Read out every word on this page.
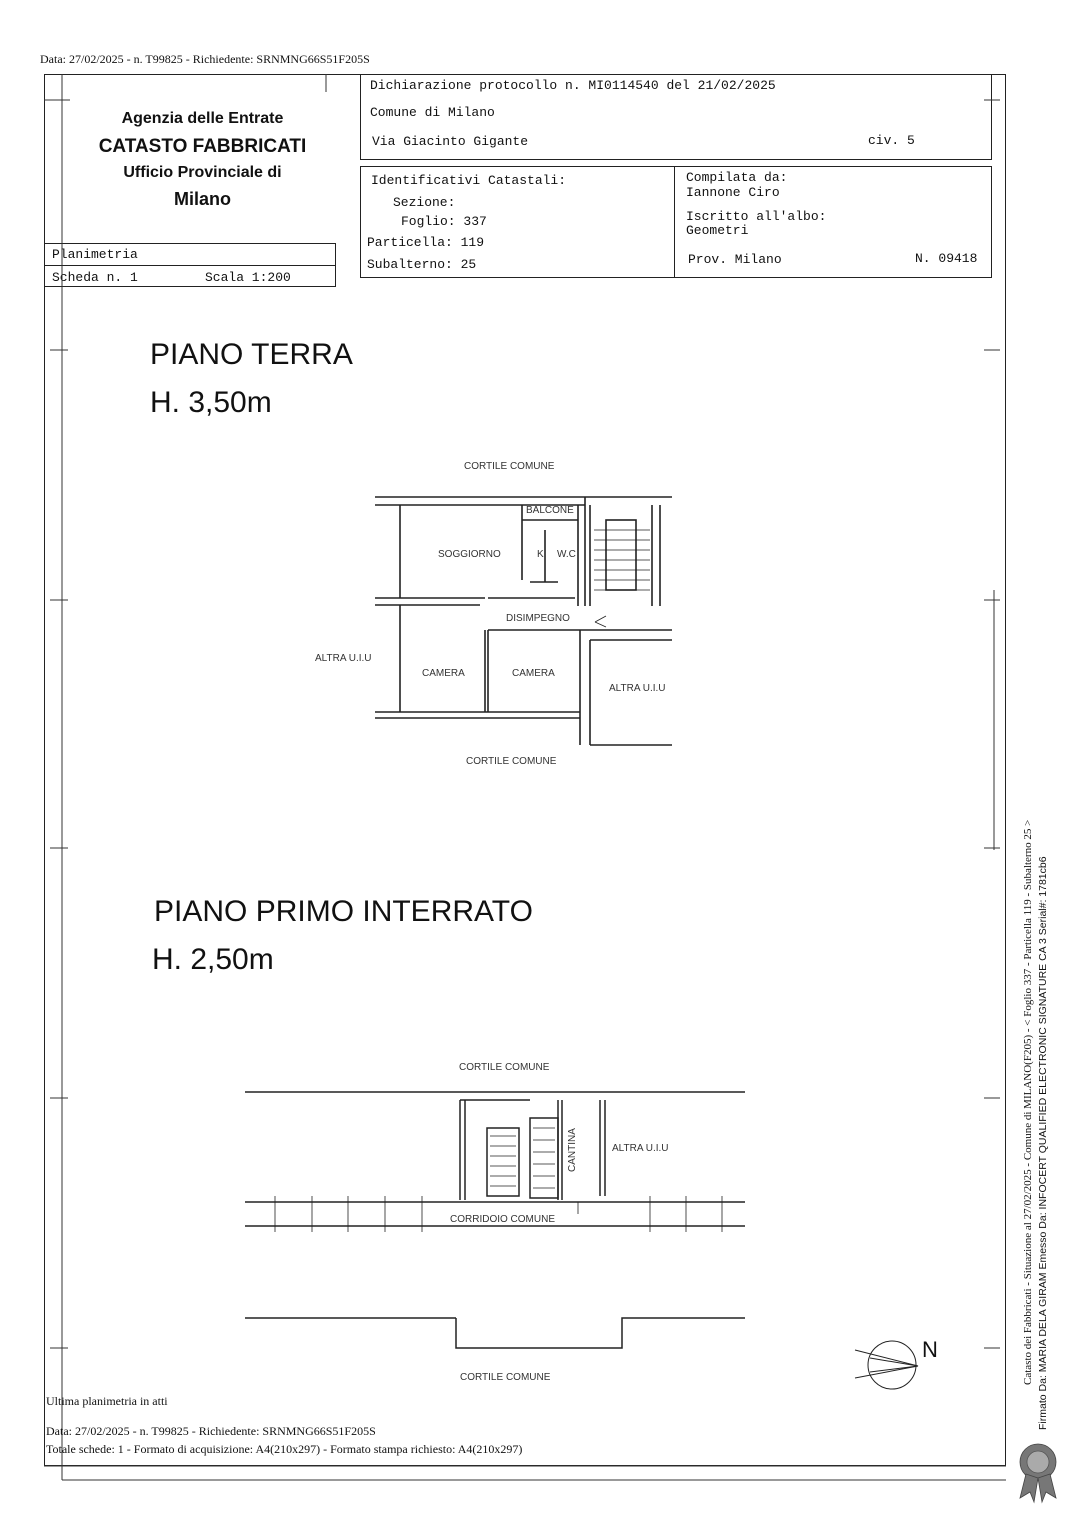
Data: 27/02/2025 - n. T99825 - Richiedente: SRNMNG66S51F205S
Agenzia delle Entrate
CATASTO FABBRICATI
Ufficio Provinciale di
Milano
Planimetria
Scheda n. 1	Scala 1:200
Dichiarazione protocollo n. MI0114540 del 21/02/2025
Comune di Milano
Via Giacinto Gigante	civ. 5
Identificativi Catastali:
Sezione:
Foglio: 337
Particella: 119
Subalterno: 25
Compilata da:
Iannone Ciro
Iscritto all'albo:
Geometri
Prov. Milano	N. 09418
PIANO TERRA
H. 3,50m
CORTILE COMUNE
BALCONE
SOGGIORNO	K W.C
DISIMPEGNO
ALTRA U.I.U
CAMERA	CAMERA
ALTRA U.I.U
CORTILE COMUNE
PIANO PRIMO INTERRATO
H. 2,50m
CORTILE COMUNE
CANTINA	ALTRA U.I.U
CORRIDOIO COMUNE
CORTILE COMUNE
N	Catasto dei Fabbricati - Situazione al 27/02/2025 - Comune di MILANO(F205) - < Foglio 337 - Particella 119 - Subalterno 25 > Firmato Da: MARIA DELA GIRAM Emesso Da: INFOCERT QUALIFIED ELECTRONIC SIGNATURE CA 3 Serial#: 1781cb6
Ultima planimetria in atti
Data: 27/02/2025 - n. T99825 - Richiedente: SRNMNG66S51F205S
Totale schede: 1 - Formato di acquisizione: A4(210x297) - Formato stampa richiesto: A4(210x297)
